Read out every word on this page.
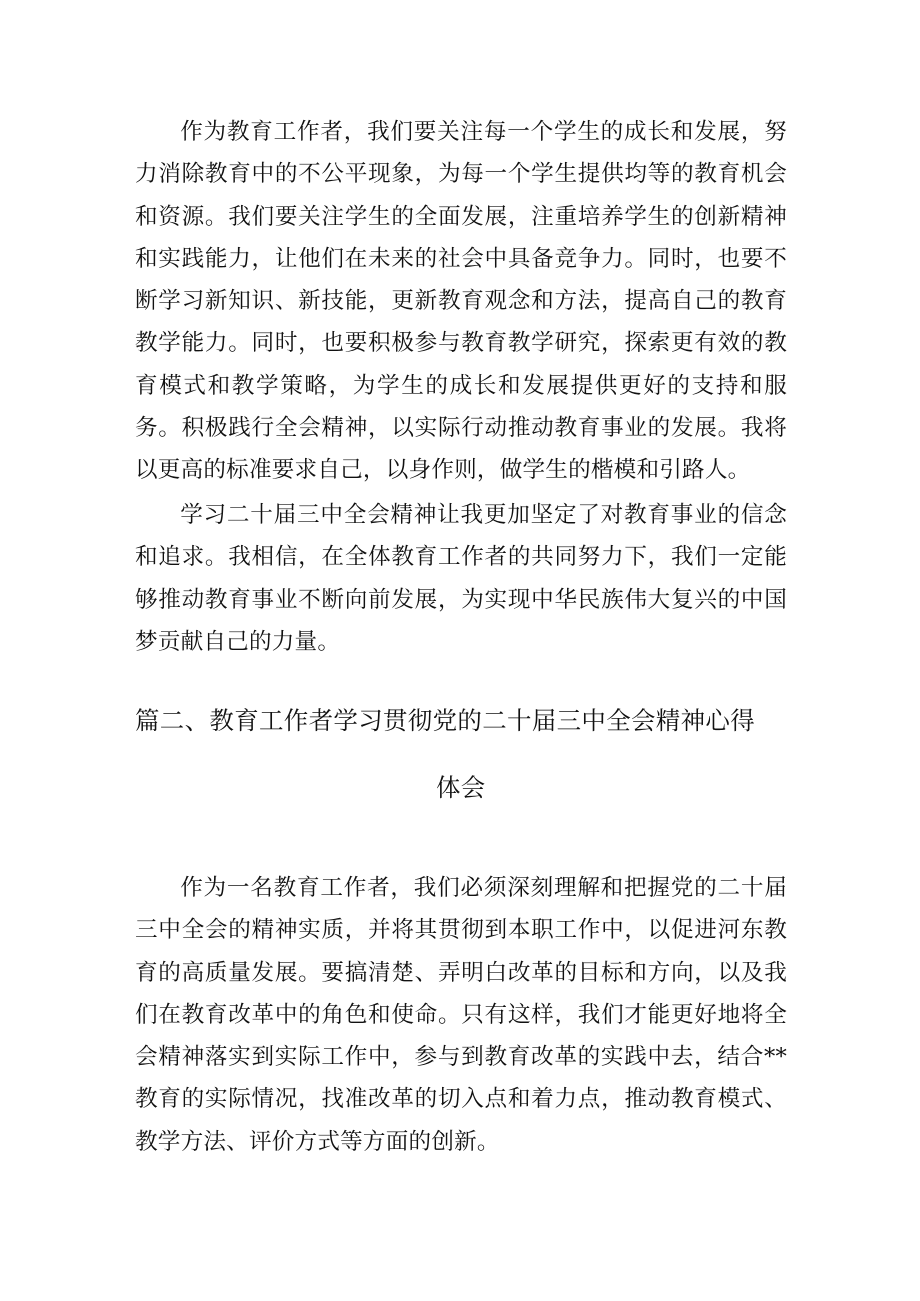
作为教育工作者，我们要关注每一个学生的成长和发展，努力消除教育中的不公平现象，为每一个学生提供均等的教育机会和资源。我们要关注学生的全面发展，注重培养学生的创新精神和实践能力，让他们在未来的社会中具备竞争力。同时，也要不断学习新知识、新技能，更新教育观念和方法，提高自己的教育教学能力。同时，也要积极参与教育教学研究，探索更有效的教育模式和教学策略，为学生的成长和发展提供更好的支持和服务。积极践行全会精神，以实际行动推动教育事业的发展。我将以更高的标准要求自己，以身作则，做学生的楷模和引路人。

学习二十届三中全会精神让我更加坚定了对教育事业的信念和追求。我相信，在全体教育工作者的共同努力下，我们一定能够推动教育事业不断向前发展，为实现中华民族伟大复兴的中国梦贡献自己的力量。

篇二、教育工作者学习贯彻党的二十届三中全会精神心得
体会

作为一名教育工作者，我们必须深刻理解和把握党的二十届三中全会的精神实质，并将其贯彻到本职工作中，以促进河东教育的高质量发展。要搞清楚、弄明白改革的目标和方向，以及我们在教育改革中的角色和使命。只有这样，我们才能更好地将全会精神落实到实际工作中，参与到教育改革的实践中去，结合**教育的实际情况，找准改革的切入点和着力点，推动教育模式、教学方法、评价方式等方面的创新。
